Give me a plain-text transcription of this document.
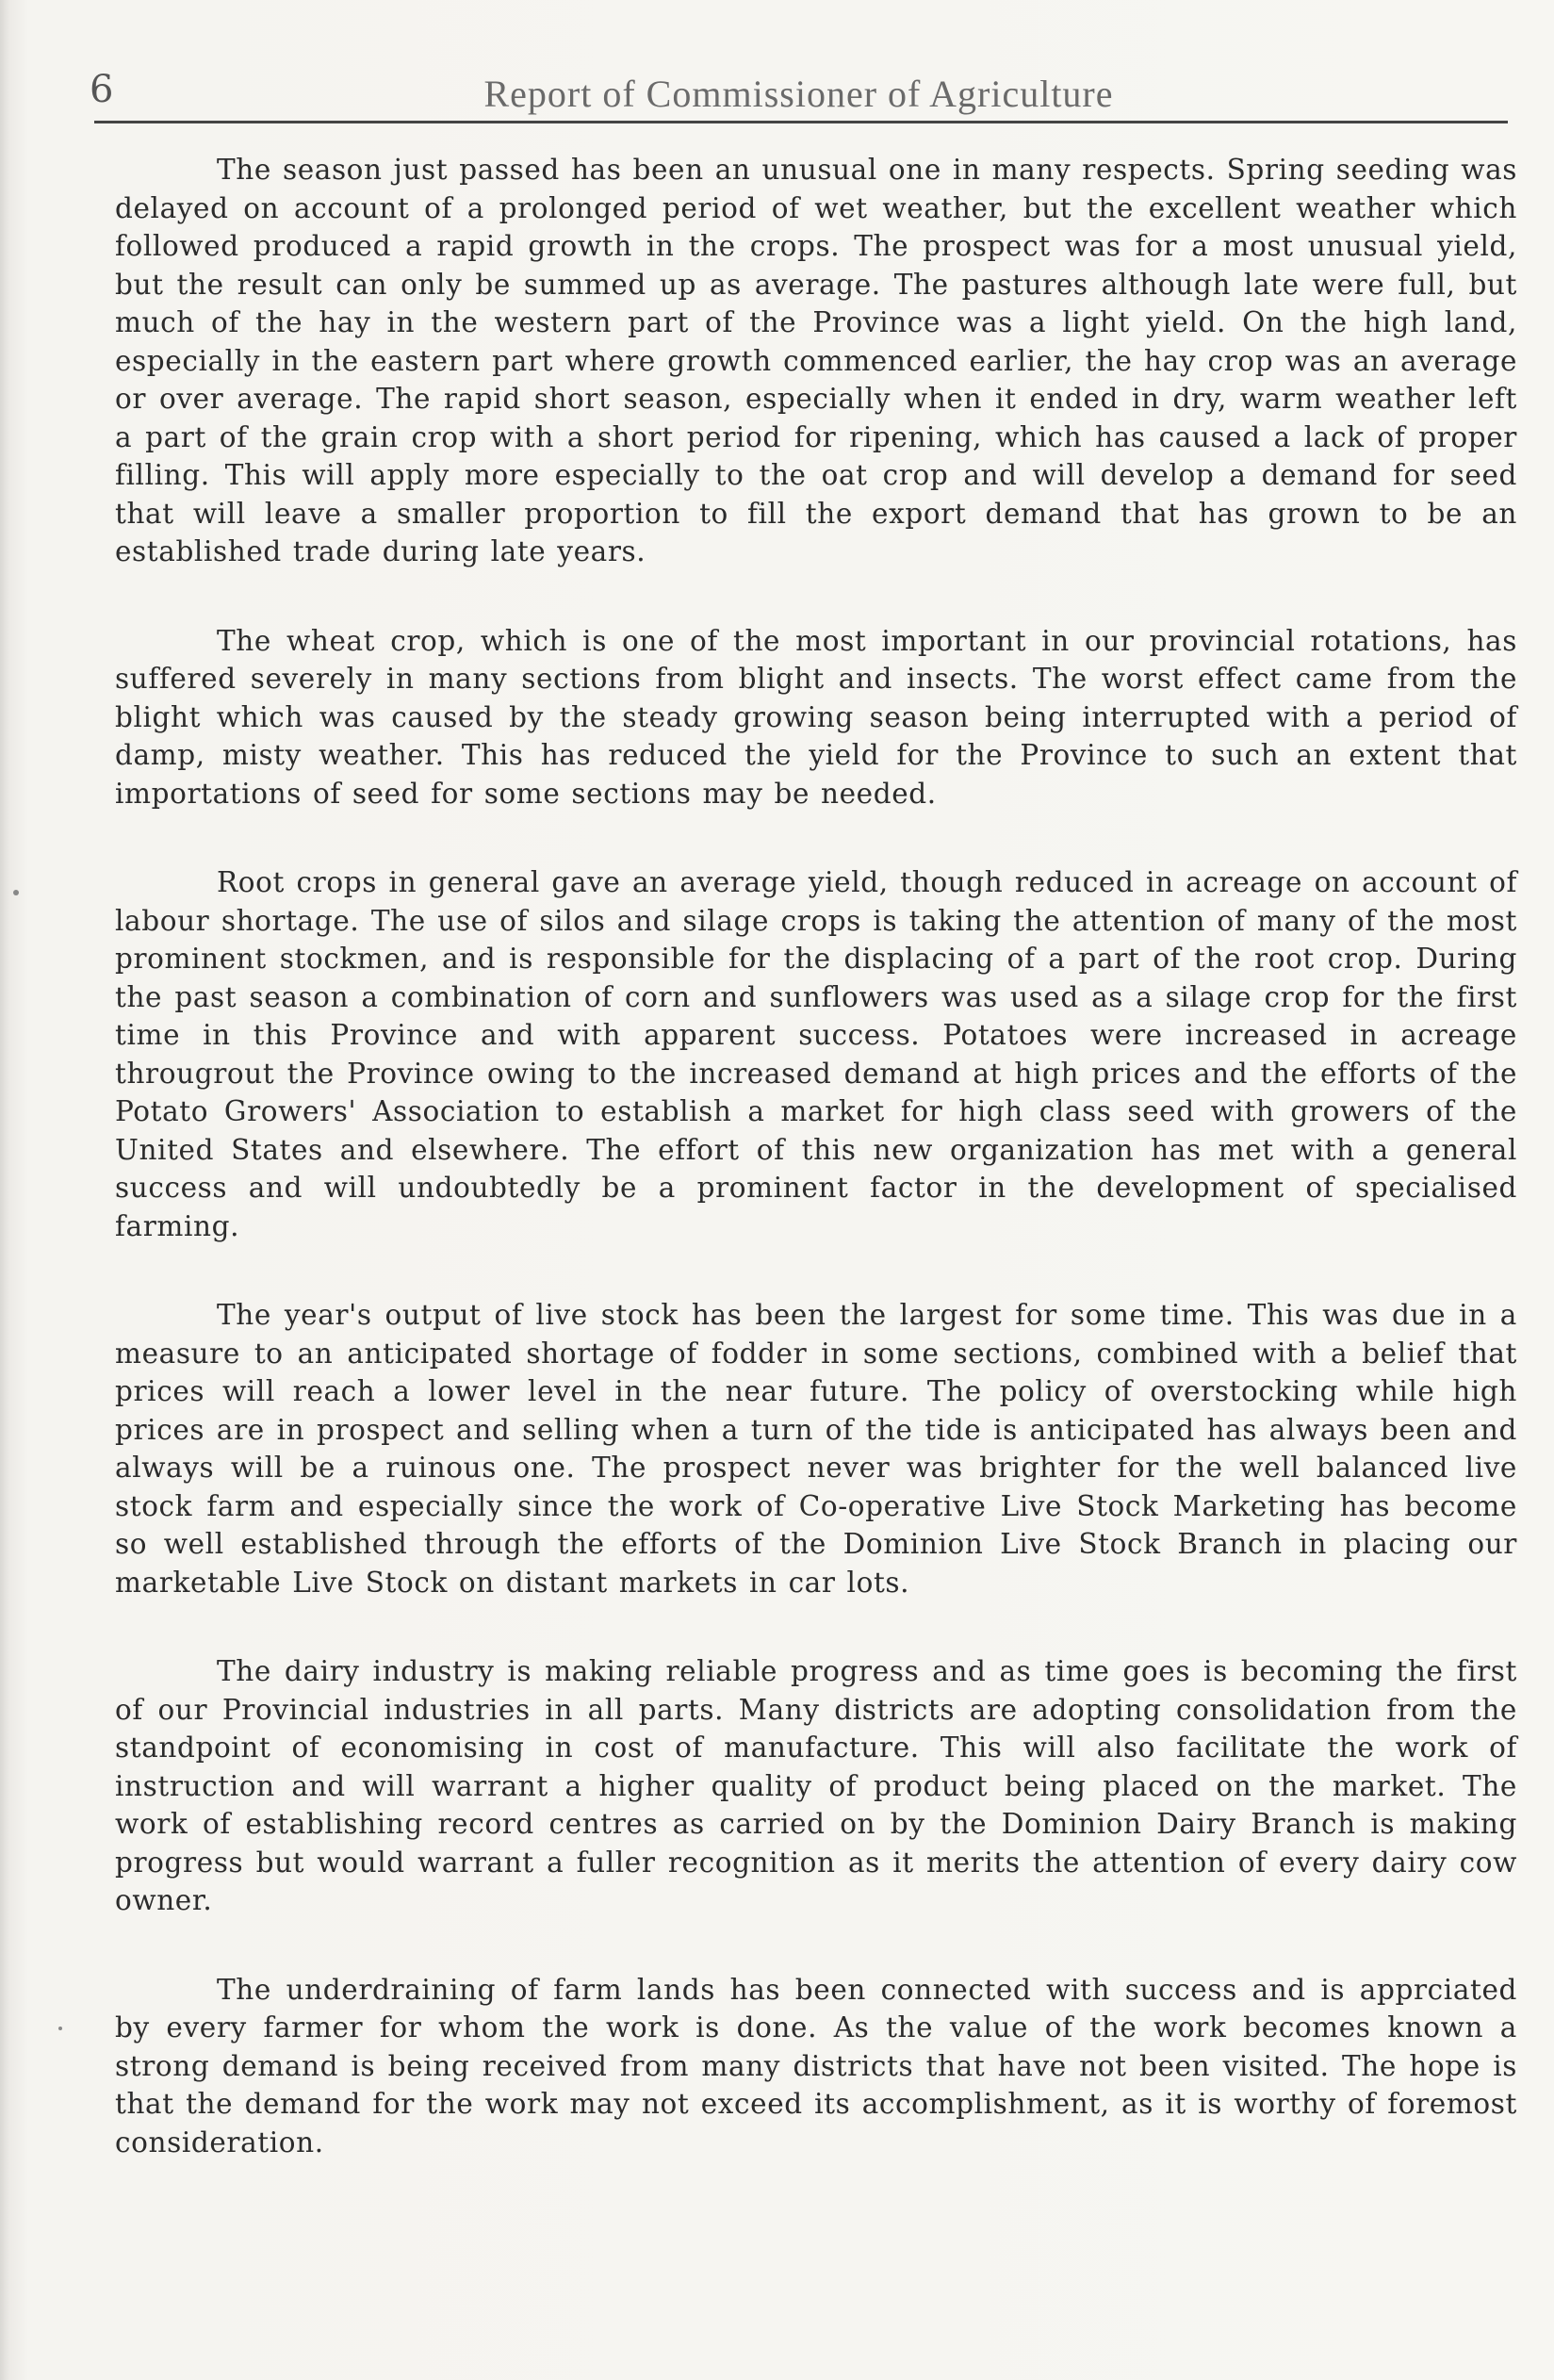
6	Report of Commissioner of Agriculture

The season just passed has been an unusual one in many respects. Spring seeding was delayed on account of a prolonged period of wet weather, but the excellent weather which followed produced a rapid growth in the crops. The prospect was for a most unusual yield, but the result can only be summed up as average. The pastures although late were full, but much of the hay in the western part of the Province was a light yield. On the high land, especially in the eastern part where growth commenced earlier, the hay crop was an average or over average. The rapid short season, especially when it ended in dry, warm weather left a part of the grain crop with a short period for ripening, which has caused a lack of proper filling. This will apply more especially to the oat crop and will develop a demand for seed that will leave a smaller proportion to fill the export demand that has grown to be an established trade during late years.

The wheat crop, which is one of the most important in our provincial rotations, has suffered severely in many sections from blight and insects. The worst effect came from the blight which was caused by the steady growing season being interrupted with a period of damp, misty weather. This has reduced the yield for the Province to such an extent that importations of seed for some sections may be needed.

Root crops in general gave an average yield, though reduced in acreage on account of labour shortage. The use of silos and silage crops is taking the attention of many of the most prominent stockmen, and is responsible for the displacing of a part of the root crop. During the past season a combination of corn and sunflowers was used as a silage crop for the first time in this Province and with apparent success. Potatoes were increased in acreage througrout the Province owing to the increased demand at high prices and the efforts of the Potato Growers' Association to establish a market for high class seed with growers of the United States and elsewhere. The effort of this new organization has met with a general success and will undoubtedly be a prominent factor in the development of specialised farming.

The year's output of live stock has been the largest for some time. This was due in a measure to an anticipated shortage of fodder in some sections, combined with a belief that prices will reach a lower level in the near future. The policy of overstocking while high prices are in prospect and selling when a turn of the tide is anticipated has always been and always will be a ruinous one. The prospect never was brighter for the well balanced live stock farm and especially since the work of Co-operative Live Stock Marketing has become so well established through the efforts of the Dominion Live Stock Branch in placing our marketable Live Stock on distant markets in car lots.

The dairy industry is making reliable progress and as time goes is becoming the first of our Provincial industries in all parts. Many districts are adopting consolidation from the standpoint of economising in cost of manufacture. This will also facilitate the work of instruction and will warrant a higher quality of product being placed on the market. The work of establishing record centres as carried on by the Dominion Dairy Branch is making progress but would warrant a fuller recognition as it merits the attention of every dairy cow owner.

The underdraining of farm lands has been connected with success and is apprciated by every farmer for whom the work is done. As the value of the work becomes known a strong demand is being received from many districts that have not been visited. The hope is that the demand for the work may not exceed its accomplishment, as it is worthy of foremost consideration.
